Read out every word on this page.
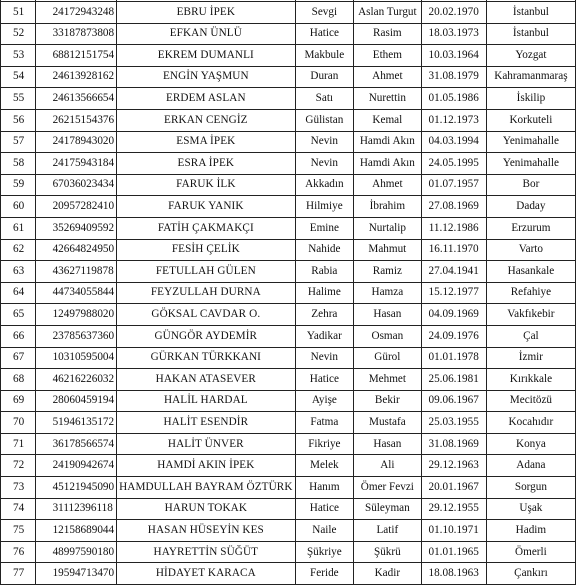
51	24172943248	EBRU İPEK	Sevgi	Aslan Turgut	20.02.1970	İstanbul
52	33187873808	EFKAN ÜNLÜ	Hatice	Rasim	18.03.1973	İstanbul
53	68812151754	EKREM DUMANLI	Makbule	Ethem	10.03.1964	Yozgat
54	24613928162	ENGİN YAŞMUN	Duran	Ahmet	31.08.1979	Kahramanmaraş
55	24613566654	ERDEM ASLAN	Satı	Nurettin	01.05.1986	İskilip
56	26215154376	ERKAN CENGİZ	Gülistan	Kemal	01.12.1973	Korkuteli
57	24178943020	ESMA İPEK	Nevin	Hamdi Akın	04.03.1994	Yenimahalle
58	24175943184	ESRA İPEK	Nevin	Hamdi Akın	24.05.1995	Yenimahalle
59	67036023434	FARUK İLK	Akkadın	Ahmet	01.07.1957	Bor
60	20957282410	FARUK YANIK	Hilmiye	İbrahim	27.08.1969	Daday
61	35269409592	FATİH ÇAKMAKÇI	Emine	Nurtalip	11.12.1986	Erzurum
62	42664824950	FESİH ÇELİK	Nahide	Mahmut	16.11.1970	Varto
63	43627119878	FETULLAH GÜLEN	Rabia	Ramiz	27.04.1941	Hasankale
64	44734055844	FEYZULLAH DURNA	Halime	Hamza	15.12.1977	Refahiye
65	12497988020	GÖKSAL CAVDAR O.	Zehra	Hasan	04.09.1969	Vakfıkebir
66	23785637360	GÜNGÖR AYDEMİR	Yadikar	Osman	24.09.1976	Çal
67	10310595004	GÜRKAN TÜRKKANI	Nevin	Gürol	01.01.1978	İzmir
68	46216226032	HAKAN ATASEVER	Hatice	Mehmet	25.06.1981	Kırıkkale
69	28060459194	HALİL HARDAL	Ayişe	Bekir	09.06.1967	Mecitözü
70	51946135172	HALİT ESENDİR	Fatma	Mustafa	25.03.1955	Kocahıdır
71	36178566574	HALİT ÜNVER	Fikriye	Hasan	31.08.1969	Konya
72	24190942674	HAMDİ AKIN İPEK	Melek	Ali	29.12.1963	Adana
73	45121945090	HAMDULLAH BAYRAM ÖZTÜRK	Hanım	Ömer Fevzi	20.01.1967	Sorgun
74	31112396118	HARUN TOKAK	Hatice	Süleyman	29.12.1955	Uşak
75	12158689044	HASAN HÜSEYİN KES	Naile	Latif	01.10.1971	Hadim
76	48997590180	HAYRETTİN SÜĞÜT	Şükriye	Şükrü	01.01.1965	Ömerli
77	19594713470	HİDAYET KARACA	Feride	Kadir	18.08.1963	Çankırı
